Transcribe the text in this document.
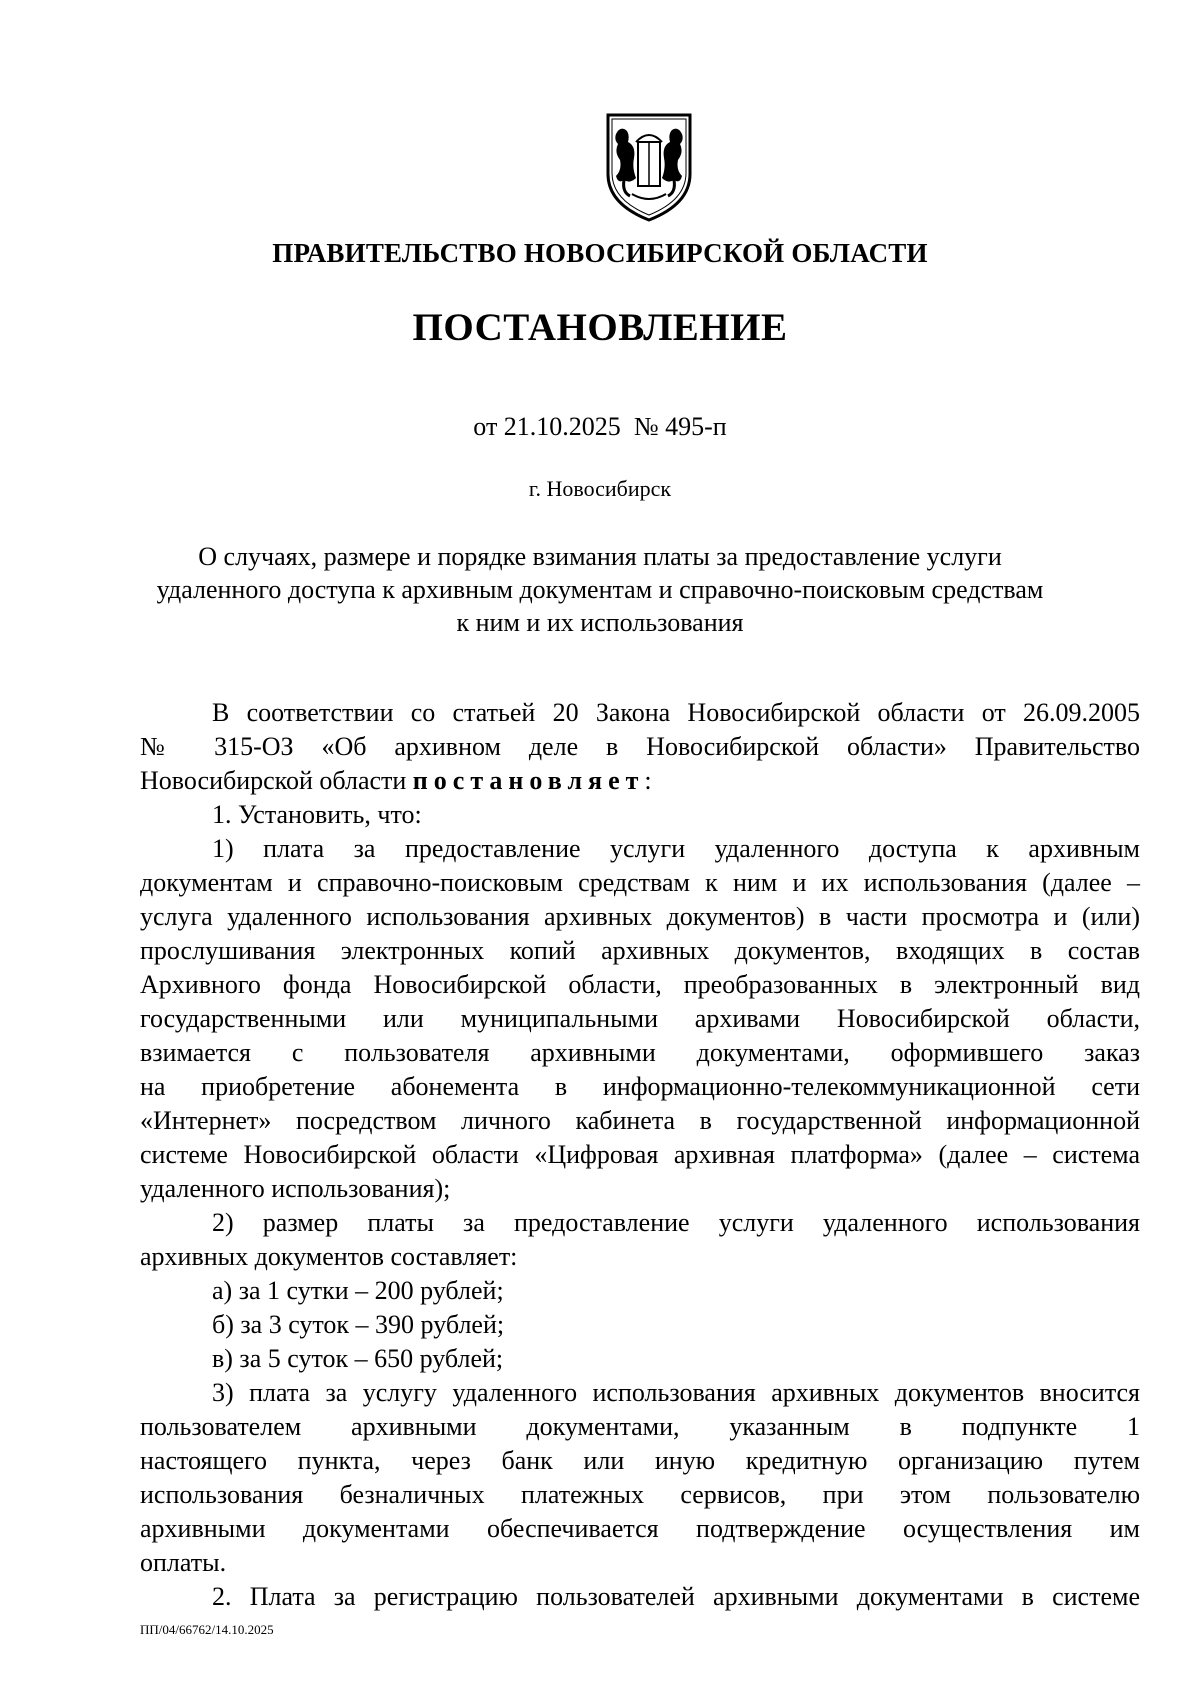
ПРАВИТЕЛЬСТВО НОВОСИБИРСКОЙ ОБЛАСТИ
ПОСТАНОВЛЕНИЕ
от 21.10.2025 № 495-п
г. Новосибирск
О случаях, размере и порядке взимания платы за предоставление услуги
удаленного доступа к архивным документам и справочно-поисковым средствам
к ним и их использования
В соответствии со статьей 20 Закона Новосибирской области от 26.09.2005
№ 315-ОЗ «Об архивном деле в Новосибирской области» Правительство
Новосибирской области постановляет:
1. Установить, что:
1) плата за предоставление услуги удаленного доступа к архивным
документам и справочно-поисковым средствам к ним и их использования (далее –
услуга удаленного использования архивных документов) в части просмотра и (или)
прослушивания электронных копий архивных документов, входящих в состав
Архивного фонда Новосибирской области, преобразованных в электронный вид
государственными или муниципальными архивами Новосибирской области,
взимается с пользователя архивными документами, оформившего заказ
на приобретение абонемента в информационно-телекоммуникационной сети
«Интернет» посредством личного кабинета в государственной информационной
системе Новосибирской области «Цифровая архивная платформа» (далее – система
удаленного использования);
2) размер платы за предоставление услуги удаленного использования
архивных документов составляет:
а) за 1 сутки – 200 рублей;
б) за 3 суток – 390 рублей;
в) за 5 суток – 650 рублей;
3) плата за услугу удаленного использования архивных документов вносится
пользователем архивными документами, указанным в подпункте 1
настоящего пункта, через банк или иную кредитную организацию путем
использования безналичных платежных сервисов, при этом пользователю
архивными документами обеспечивается подтверждение осуществления им
оплаты.
2. Плата за регистрацию пользователей архивными документами в системе
ПП/04/66762/14.10.2025
